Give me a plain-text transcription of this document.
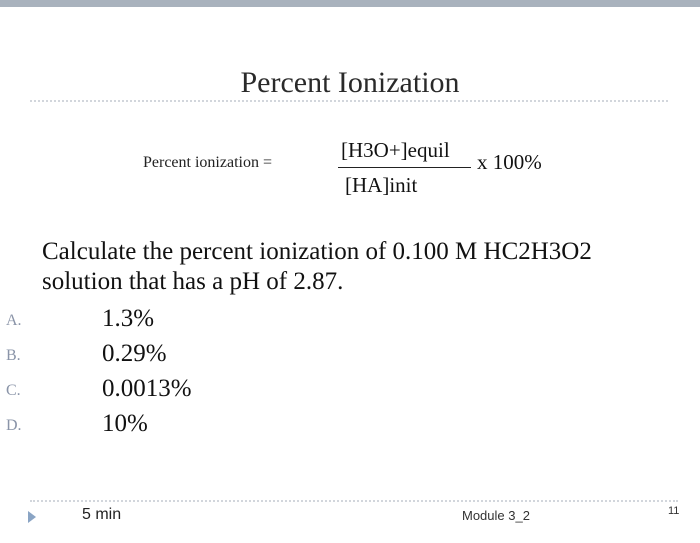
Percent Ionization
Percent ionization =
[H3O+]equil
[HA]init
x 100%
Calculate the percent ionization of 0.100 M HC2H3O2
solution that has a pH of 2.87.
A.	1.3%
B.	0.29%
C.	0.0013%
D.	10%
5 min	Module 3_2	11
